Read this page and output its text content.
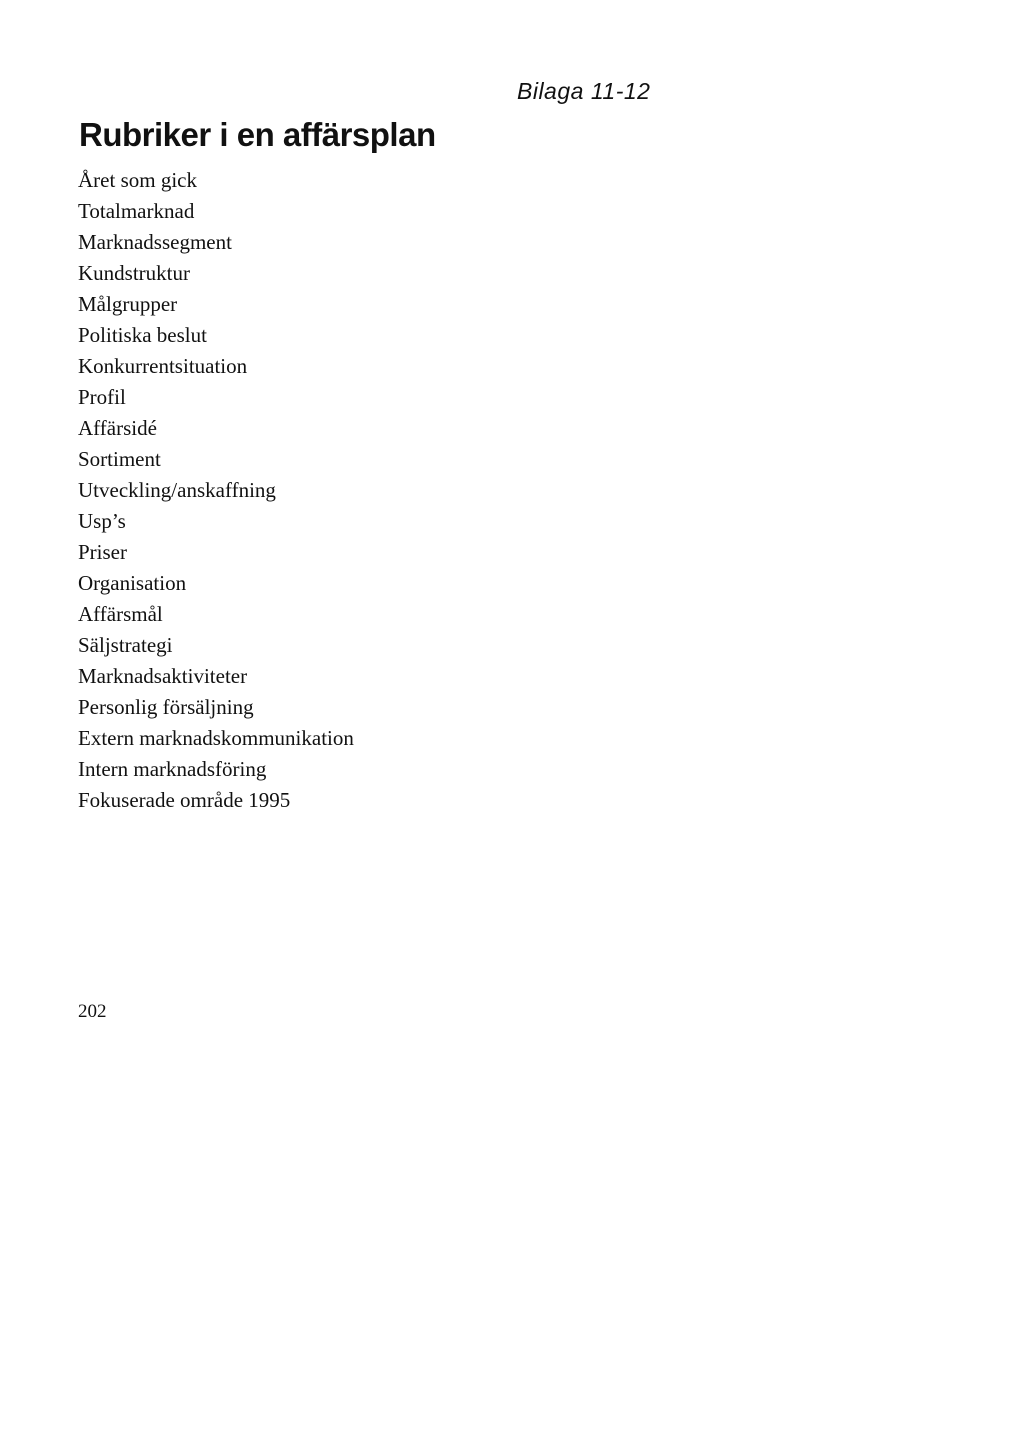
Bilaga 11-12

Rubriker i en affärsplan
Året som gick
Totalmarknad
Marknadssegment
Kundstruktur
Målgrupper
Politiska beslut
Konkurrentsituation
Profil
Affärsidé
Sortiment
Utveckling/anskaffning
Usp’s
Priser
Organisation
Affärsmål
Säljstrategi
Marknadsaktiviteter
Personlig försäljning
Extern marknadskommunikation
Intern marknadsföring
Fokuserade område 1995

202
